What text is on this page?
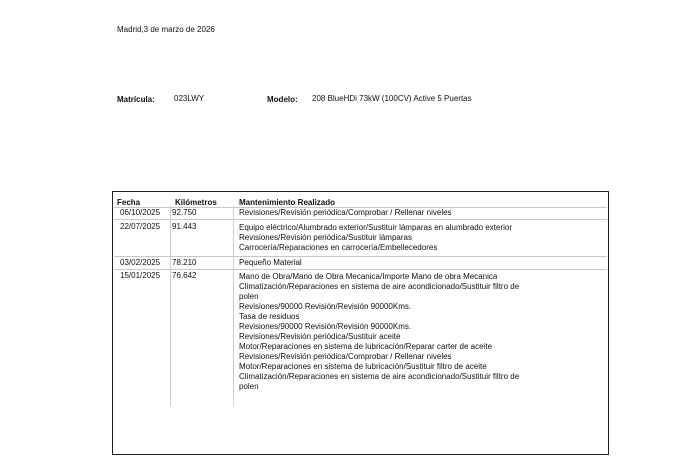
Madrid,3 de marzo de 2026
Matrícula: 023LWY	Modelo: 208 BlueHDi 73kW (100CV) Active 5 Puertas
Fecha	Kilómetros	Mantenimiento Realizado
06/10/2025 92.750	Revisiones/Revisión periódica/Comprobar / Rellenar niveles
22/07/2025 91.443	Equipo eléctrico/Alumbrado exterior/Sustituir lámparas en alumbrado exterior
Revisiones/Revisión periódica/Sustituir lámparas
Carrocería/Reparaciones en carrocería/Embellecedores
03/02/2025 78.210	Pequeño Material
15/01/2025 76.642	Mano de Obra/Mano de Obra Mecanica/Importe Mano de obra Mecanica
Climatización/Reparaciones en sistema de aire acondicionado/Sustituir filtro de
polen
Revisiones/90000 Revisión/Revisión 90000Kms.
Tasa de residuos
Revisiones/90000 Revisión/Revisión 90000Kms.
Revisiones/Revisión periódica/Sustituir aceite
Motor/Reparaciones en sistema de lubricación/Reparar carter de aceite
Revisiones/Revisión periódica/Comprobar / Rellenar niveles
Motor/Reparaciones en sistema de lubricación/Sustituir filtro de aceite
Climatización/Reparaciones en sistema de aire acondicionado/Sustituir filtro de
polen
